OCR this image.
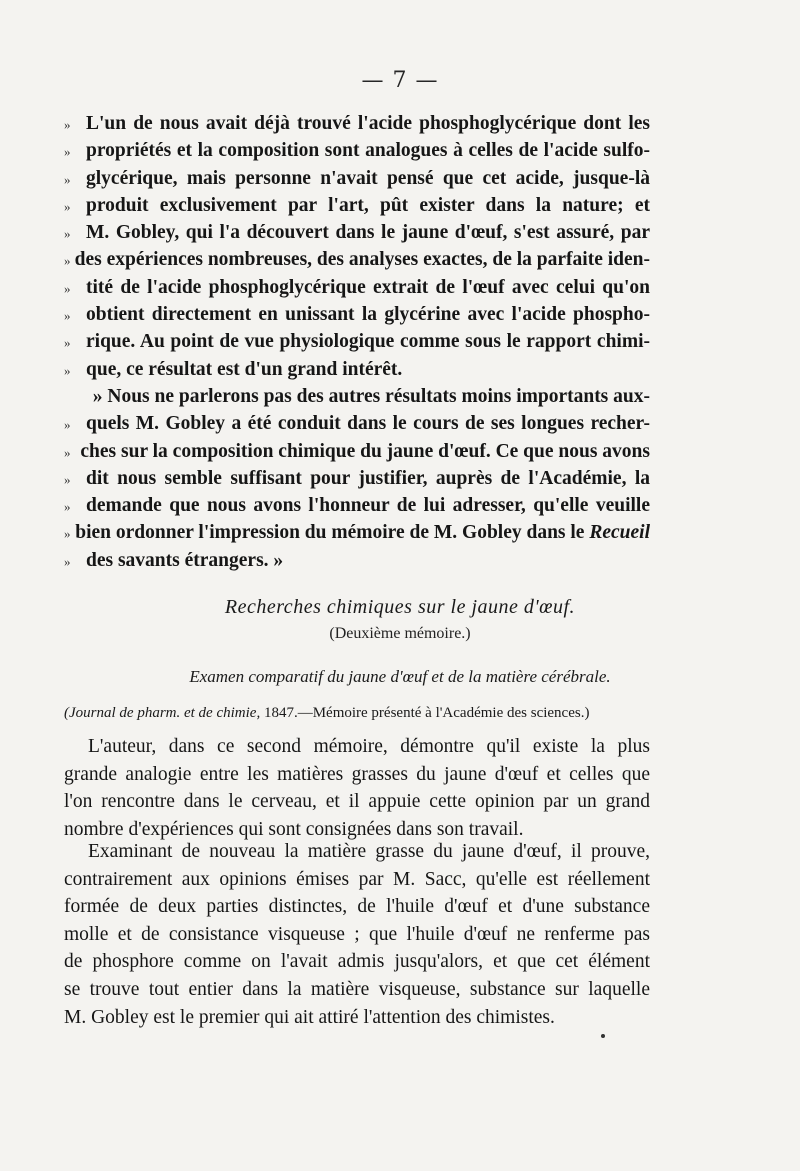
— 7 —
» L'un de nous avait déjà trouvé l'acide phosphoglycérique dont les
» propriétés et la composition sont analogues à celles de l'acide sulfo-
» glycérique, mais personne n'avait pensé que cet acide, jusque-là
» produit exclusivement par l'art, pût exister dans la nature; et
» M. Gobley, qui l'a découvert dans le jaune d'œuf, s'est assuré, par
» des expériences nombreuses, des analyses exactes, de la parfaite iden-
» tité de l'acide phosphoglycérique extrait de l'œuf avec celui qu'on
» obtient directement en unissant la glycérine avec l'acide phospho-
» rique. Au point de vue physiologique comme sous le rapport chimi-
» que, ce résultat est d'un grand intérêt.
» Nous ne parlerons pas des autres résultats moins importants aux-
» quels M. Gobley a été conduit dans le cours de ses longues recher-
» ches sur la composition chimique du jaune d'œuf. Ce que nous avons
» dit nous semble suffisant pour justifier, auprès de l'Académie, la
» demande que nous avons l'honneur de lui adresser, qu'elle veuille
» bien ordonner l'impression du mémoire de M. Gobley dans le Recueil
» des savants étrangers. »
Recherches chimiques sur le jaune d'œuf.
(Deuxième mémoire.)
Examen comparatif du jaune d'œuf et de la matière cérébrale.
(Journal de pharm. et de chimie, 1847.—Mémoire présenté à l'Académie des sciences.)
L'auteur, dans ce second mémoire, démontre qu'il existe la plus
grande analogie entre les matières grasses du jaune d'œuf et celles que
l'on rencontre dans le cerveau, et il appuie cette opinion par un grand
nombre d'expériences qui sont consignées dans son travail.
Examinant de nouveau la matière grasse du jaune d'œuf, il prouve,
contrairement aux opinions émises par M. Sacc, qu'elle est réellement
formée de deux parties distinctes, de l'huile d'œuf et d'une substance
molle et de consistance visqueuse ; que l'huile d'œuf ne renferme pas
de phosphore comme on l'avait admis jusqu'alors, et que cet élément
se trouve tout entier dans la matière visqueuse, substance sur laquelle
M. Gobley est le premier qui ait attiré l'attention des chimistes.
